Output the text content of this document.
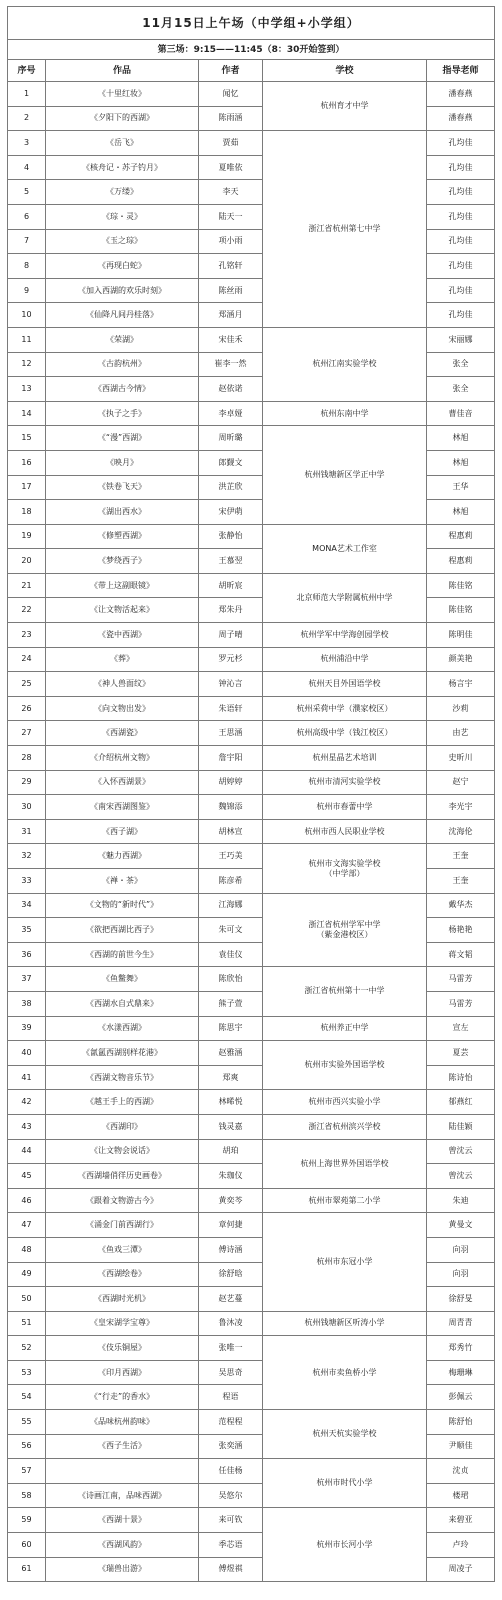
11月15日上午场（中学组+小学组）				
第三场：9:15——11:45（8：30开始签到）				
序号	作品	作者	学校	指导老师
1	《十里红妆》	闻忆	杭州育才中学	潘春燕
2	《夕阳下的西湖》	陈雨涵		潘春燕
3	《岳飞》	贾茹	浙江省杭州第七中学	孔均佳
4	《核舟记・苏子钓月》	夏唯依		孔均佳
5	《万缕》	李天		孔均佳
6	《琮・灵》	陆天一		孔均佳
7	《玉之琮》	项小雨		孔均佳
8	《再现白蛇》	孔铭轩		孔均佳
9	《加入西湖的欢乐时刻》	陈丝雨		孔均佳
10	《仙降凡间丹桂落》	郑涵月		孔均佳
11	《荣湖》	宋佳禾	杭州江南实验学校	宋丽娜
12	《古韵杭州》	崔李一然		张全
13	《西湖古今情》	赵依诺		张全
14	《执子之手》	李卓娅	杭州东南中学	曹佳音
15	《“漫”西湖》	周昕璐	杭州钱塘新区学正中学	林旭
16	《映月》	郎觐文		林旭
17	《铁卷飞天》	洪芷欣		王华
18	《湖出西水》	宋伊萌		林旭
19	《修塑西湖》	张静怡	MONA艺术工作室	程惠莉
20	《梦绕西子》	王慕翌		程惠莉
21	《带上这副眼镜》	胡昕宸	北京师范大学附属杭州中学	陈佳铭
22	《让文物活起来》	郑朱丹		陈佳铭
23	《瓷中西湖》	周子晴	杭州学军中学海创园学校	陈明佳
24	《葬》	罗元杉	杭州浦沿中学	颜美艳
25	《神人兽面纹》	钟沁言	杭州天目外国语学校	杨言宇
26	《向文物出发》	朱语轩	杭州采荷中学（濮家校区）	沙莉
27	《西湖瓷》	王思涵	杭州高级中学（钱江校区）	由艺
28	《介绍杭州文物》	詹宇阳	杭州星晶艺术培训	史昕川
29	《入怀西湖景》	胡婷婷	杭州市清河实验学校	赵宁
30	《南宋西湖图鉴》	魏锦添	杭州市春蕾中学	李光宇
31	《西子湖》	胡林宣	杭州市西人民职业学校	沈海伦
32	《魅力西湖》	王巧美	杭州市文海实验学校
（中学部）	王奎
33	《禅・茶》	陈彦希		王奎
34	《文物的“新时代”》	江海娜	浙江省杭州学军中学
（紫金港校区）	戴华杰
35	《欲把西湖比西子》	朱可文		杨艳艳
36	《西湖的前世今生》	袁佳仪		蒋文韬
37	《鱼鳖舞》	陈欣怡	浙江省杭州第十一中学	马雷芳
38	《西湖水自式鼎来》	熊子萱		马雷芳
39	《水漾西湖》	陈思宇	杭州养正中学	宣左
40	《氤氲西湖别样花港》	赵雅涵	杭州市实验外国语学校	夏芸
41	《西湖文物音乐节》	郑爽		陈诗怡
42	《越王手上的西湖》	林晞悦	杭州市西兴实验小学	郁燕红
43	《西湖印》	钱灵嘉	浙江省杭州滨兴学校	陆佳颖
44	《让文物会说话》	胡珀	杭州上海世界外国语学校	曾沈云
45	《西湖墙俏徉历史画卷》	朱珈仪		曾沈云
46	《跟着文物游古今》	黄奕芩	杭州市翠苑第二小学	朱迪
47	《涌金门前西湖行》	章何捷	杭州市东冠小学	黄曼文
48	《鱼戏三潭》	傅诗涵		向羽
49	《西湖绘卷》	徐舒晗		向羽
50	《西湖时光机》	赵艺蔓		徐舒旻
51	《皇宋湖学宝尊》	鲁沐凌	杭州钱塘新区听涛小学	周青青
52	《伎乐铜屋》	张唯一	杭州市卖鱼桥小学	郑秀竹
53	《印月西湖》	吴思奇		梅珊琳
54	《“行走”的香水》	程语		彭佩云
55	《品味杭州韵味》	范程程	杭州天杭实验学校	陈舒怡
56	《西子生活》	张奕涵		尹顺佳
57		任佳杨	杭州市时代小学	沈贞
58	《诗画江南，品味西湖》	吴悠尔		楼珺
59	《西湖十景》	来可钦	杭州市长河小学	来碧亚
60	《西湖风韵》	季芯语		卢玲
61	《瑞兽出游》	傅煜祺		周凌子
